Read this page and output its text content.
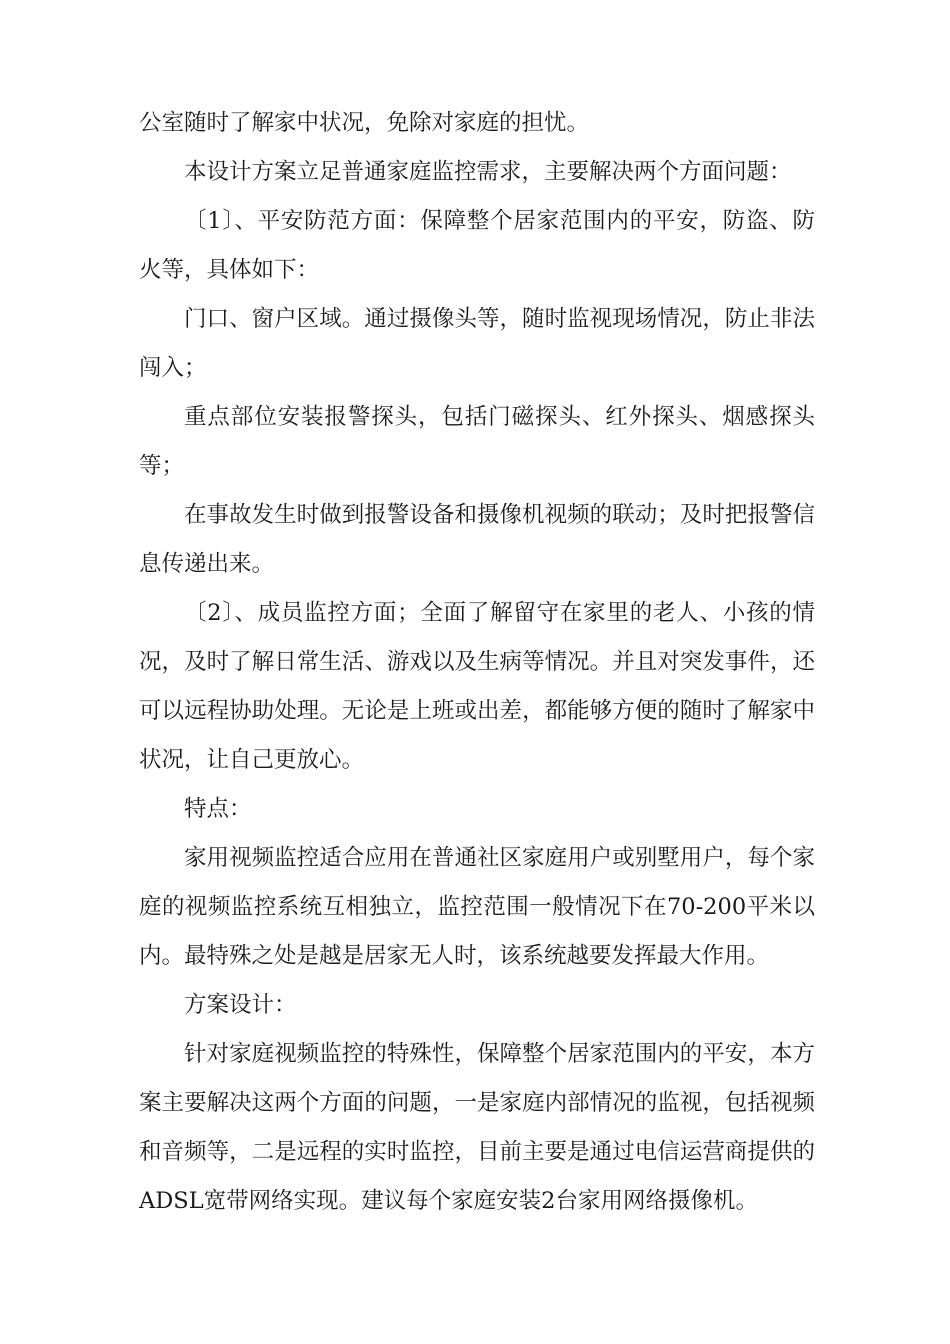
公室随时了解家中状况，免除对家庭的担忧。

本设计方案立足普通家庭监控需求，主要解决两个方面问题：

〔1〕、平安防范方面：保障整个居家范围内的平安，防盗、防火等，具体如下：

门口、窗户区域。通过摄像头等，随时监视现场情况，防止非法闯入；

重点部位安装报警探头，包括门磁探头、红外探头、烟感探头等；

在事故发生时做到报警设备和摄像机视频的联动；及时把报警信息传递出来。

〔2〕、成员监控方面；全面了解留守在家里的老人、小孩的情况，及时了解日常生活、游戏以及生病等情况。并且对突发事件，还可以远程协助处理。无论是上班或出差，都能够方便的随时了解家中状况，让自己更放心。

特点：

家用视频监控适合应用在普通社区家庭用户或别墅用户，每个家庭的视频监控系统互相独立，监控范围一般情况下在70-200平米以内。最特殊之处是越是居家无人时，该系统越要发挥最大作用。

方案设计：

针对家庭视频监控的特殊性，保障整个居家范围内的平安，本方案主要解决这两个方面的问题，一是家庭内部情况的监视，包括视频和音频等，二是远程的实时监控，目前主要是通过电信运营商提供的ADSL宽带网络实现。建议每个家庭安装2台家用网络摄像机。
